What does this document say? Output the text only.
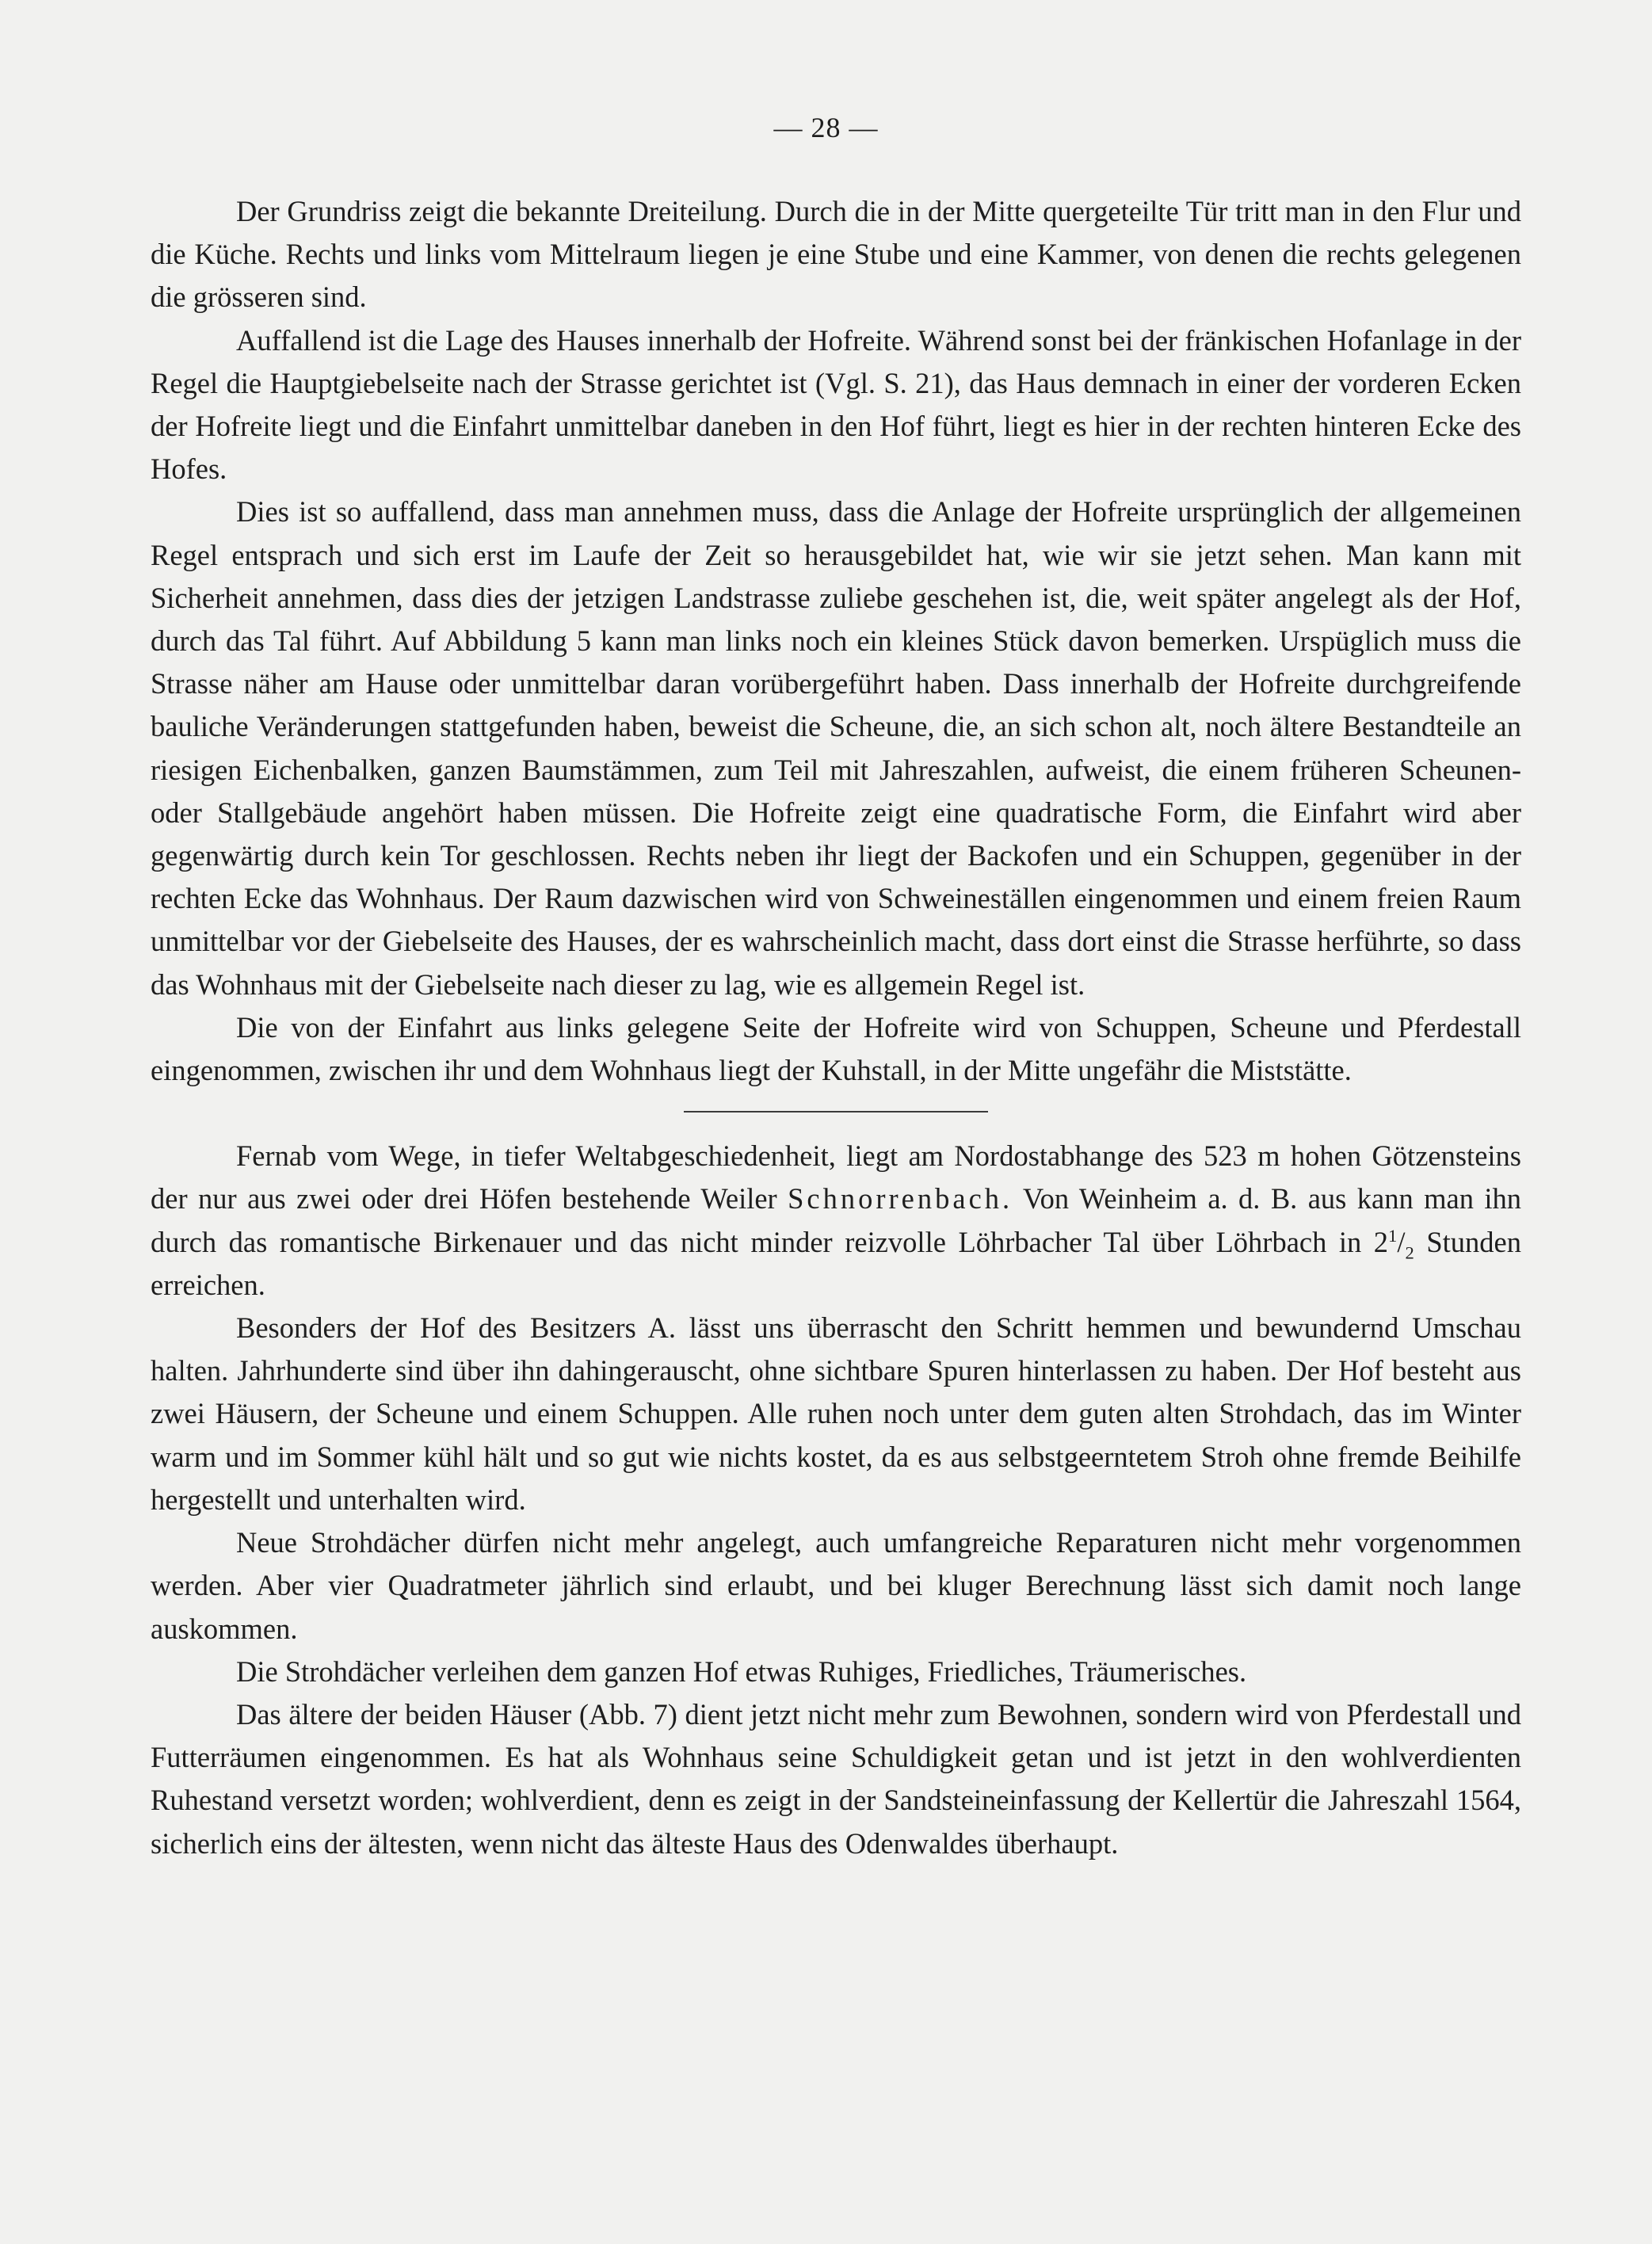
— 28 —

Der Grundriss zeigt die bekannte Dreiteilung. Durch die in der Mitte quergeteilte Tür tritt man in den Flur und die Küche. Rechts und links vom Mittelraum liegen je eine Stube und eine Kammer, von denen die rechts gelegenen die grösseren sind.

Auffallend ist die Lage des Hauses innerhalb der Hofreite. Während sonst bei der fränkischen Hofanlage in der Regel die Hauptgiebelseite nach der Strasse gerichtet ist (Vgl. S. 21), das Haus demnach in einer der vorderen Ecken der Hofreite liegt und die Einfahrt unmittelbar daneben in den Hof führt, liegt es hier in der rechten hinteren Ecke des Hofes.

Dies ist so auffallend, dass man annehmen muss, dass die Anlage der Hofreite ursprünglich der allgemeinen Regel entsprach und sich erst im Laufe der Zeit so herausgebildet hat, wie wir sie jetzt sehen. Man kann mit Sicherheit annehmen, dass dies der jetzigen Landstrasse zuliebe geschehen ist, die, weit später angelegt als der Hof, durch das Tal führt. Auf Abbildung 5 kann man links noch ein kleines Stück davon bemerken. Urspüglich muss die Strasse näher am Hause oder unmittelbar daran vorübergeführt haben. Dass innerhalb der Hofreite durchgreifende bauliche Veränderungen stattgefunden haben, beweist die Scheune, die, an sich schon alt, noch ältere Bestandteile an riesigen Eichenbalken, ganzen Baumstämmen, zum Teil mit Jahreszahlen, aufweist, die einem früheren Scheunen- oder Stallgebäude angehört haben müssen. Die Hofreite zeigt eine quadratische Form, die Einfahrt wird aber gegenwärtig durch kein Tor geschlossen. Rechts neben ihr liegt der Backofen und ein Schuppen, gegenüber in der rechten Ecke das Wohnhaus. Der Raum dazwischen wird von Schweineställen eingenommen und einem freien Raum unmittelbar vor der Giebelseite des Hauses, der es wahrscheinlich macht, dass dort einst die Strasse herführte, so dass das Wohnhaus mit der Giebelseite nach dieser zu lag, wie es allgemein Regel ist.

Die von der Einfahrt aus links gelegene Seite der Hofreite wird von Schuppen, Scheune und Pferdestall eingenommen, zwischen ihr und dem Wohnhaus liegt der Kuhstall, in der Mitte ungefähr die Miststätte.

Fernab vom Wege, in tiefer Weltabgeschiedenheit, liegt am Nordostabhange des 523 m hohen Götzensteins der nur aus zwei oder drei Höfen bestehende Weiler Schnorrenbach. Von Weinheim a. d. B. aus kann man ihn durch das romantische Birkenauer und das nicht minder reizvolle Löhrbacher Tal über Löhrbach in $2^1/_2$ Stunden erreichen.

Besonders der Hof des Besitzers A. lässt uns überrascht den Schritt hemmen und bewundernd Umschau halten. Jahrhunderte sind über ihn dahingerauscht, ohne sichtbare Spuren hinterlassen zu haben. Der Hof besteht aus zwei Häusern, der Scheune und einem Schuppen. Alle ruhen noch unter dem guten alten Strohdach, das im Winter warm und im Sommer kühl hält und so gut wie nichts kostet, da es aus selbstgeerntetem Stroh ohne fremde Beihilfe hergestellt und unterhalten wird.

Neue Strohdächer dürfen nicht mehr angelegt, auch umfangreiche Reparaturen nicht mehr vorgenommen werden. Aber vier Quadratmeter jährlich sind erlaubt, und bei kluger Berechnung lässt sich damit noch lange auskommen.

Die Strohdächer verleihen dem ganzen Hof etwas Ruhiges, Friedliches, Träumerisches.

Das ältere der beiden Häuser (Abb. 7) dient jetzt nicht mehr zum Bewohnen, sondern wird von Pferdestall und Futterräumen eingenommen. Es hat als Wohnhaus seine Schuldigkeit getan und ist jetzt in den wohlverdienten Ruhestand versetzt worden; wohlverdient, denn es zeigt in der Sandsteineinfassung der Kellertür die Jahreszahl 1564, sicherlich eins der ältesten, wenn nicht das älteste Haus des Odenwaldes überhaupt.
